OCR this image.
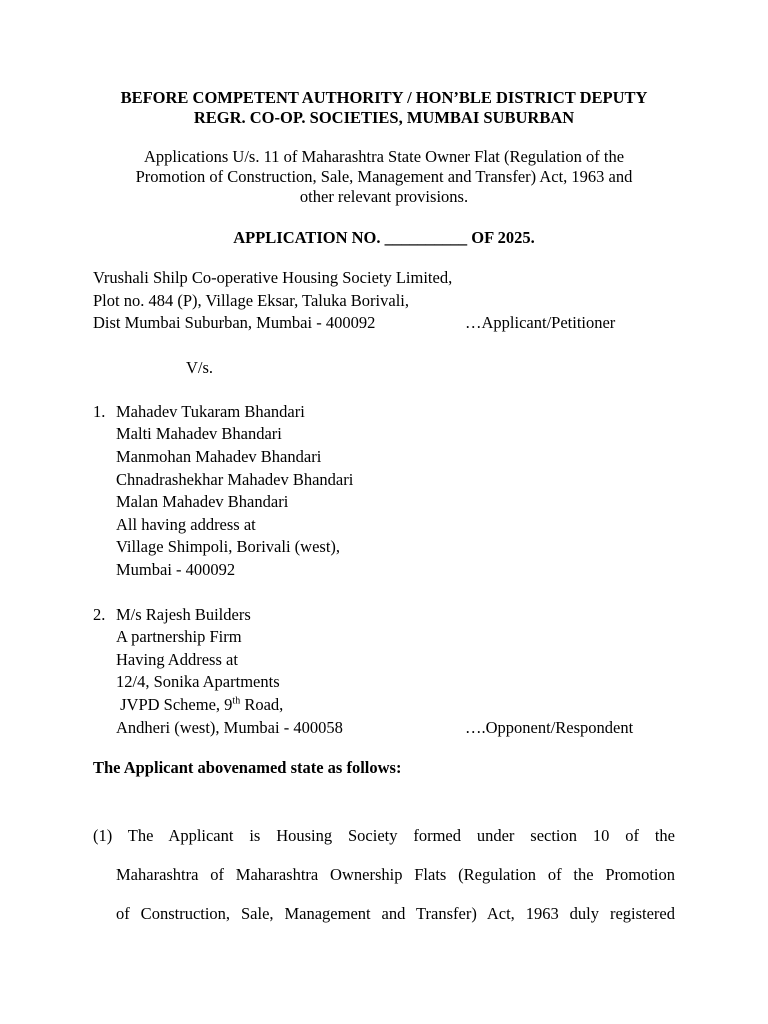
BEFORE COMPETENT AUTHORITY / HON’BLE DISTRICT DEPUTY
REGR. CO-OP. SOCIETIES, MUMBAI SUBURBAN
Applications U/s. 11 of Maharashtra State Owner Flat (Regulation of the
Promotion of Construction, Sale, Management and Transfer) Act, 1963 and
other relevant provisions.
APPLICATION NO. __________ OF 2025.
Vrushali Shilp Co-operative Housing Society Limited,
Plot no. 484 (P), Village Eksar, Taluka Borivali,
Dist Mumbai Suburban, Mumbai - 400092	…Applicant/Petitioner
V/s.
1. Mahadev Tukaram Bhandari
Malti Mahadev Bhandari
Manmohan Mahadev Bhandari
Chnadrashekhar Mahadev Bhandari
Malan Mahadev Bhandari
All having address at
Village Shimpoli, Borivali (west),
Mumbai - 400092
2. M/s Rajesh Builders
A partnership Firm
Having Address at
12/4, Sonika Apartments
JVPD Scheme, 9th Road,
Andheri (west), Mumbai - 400058	….Opponent/Respondent
The Applicant abovenamed state as follows:
(1) The Applicant is Housing Society formed under section 10 of the
Maharashtra of Maharashtra Ownership Flats (Regulation of the Promotion
of Construction, Sale, Management and Transfer) Act, 1963 duly registered
